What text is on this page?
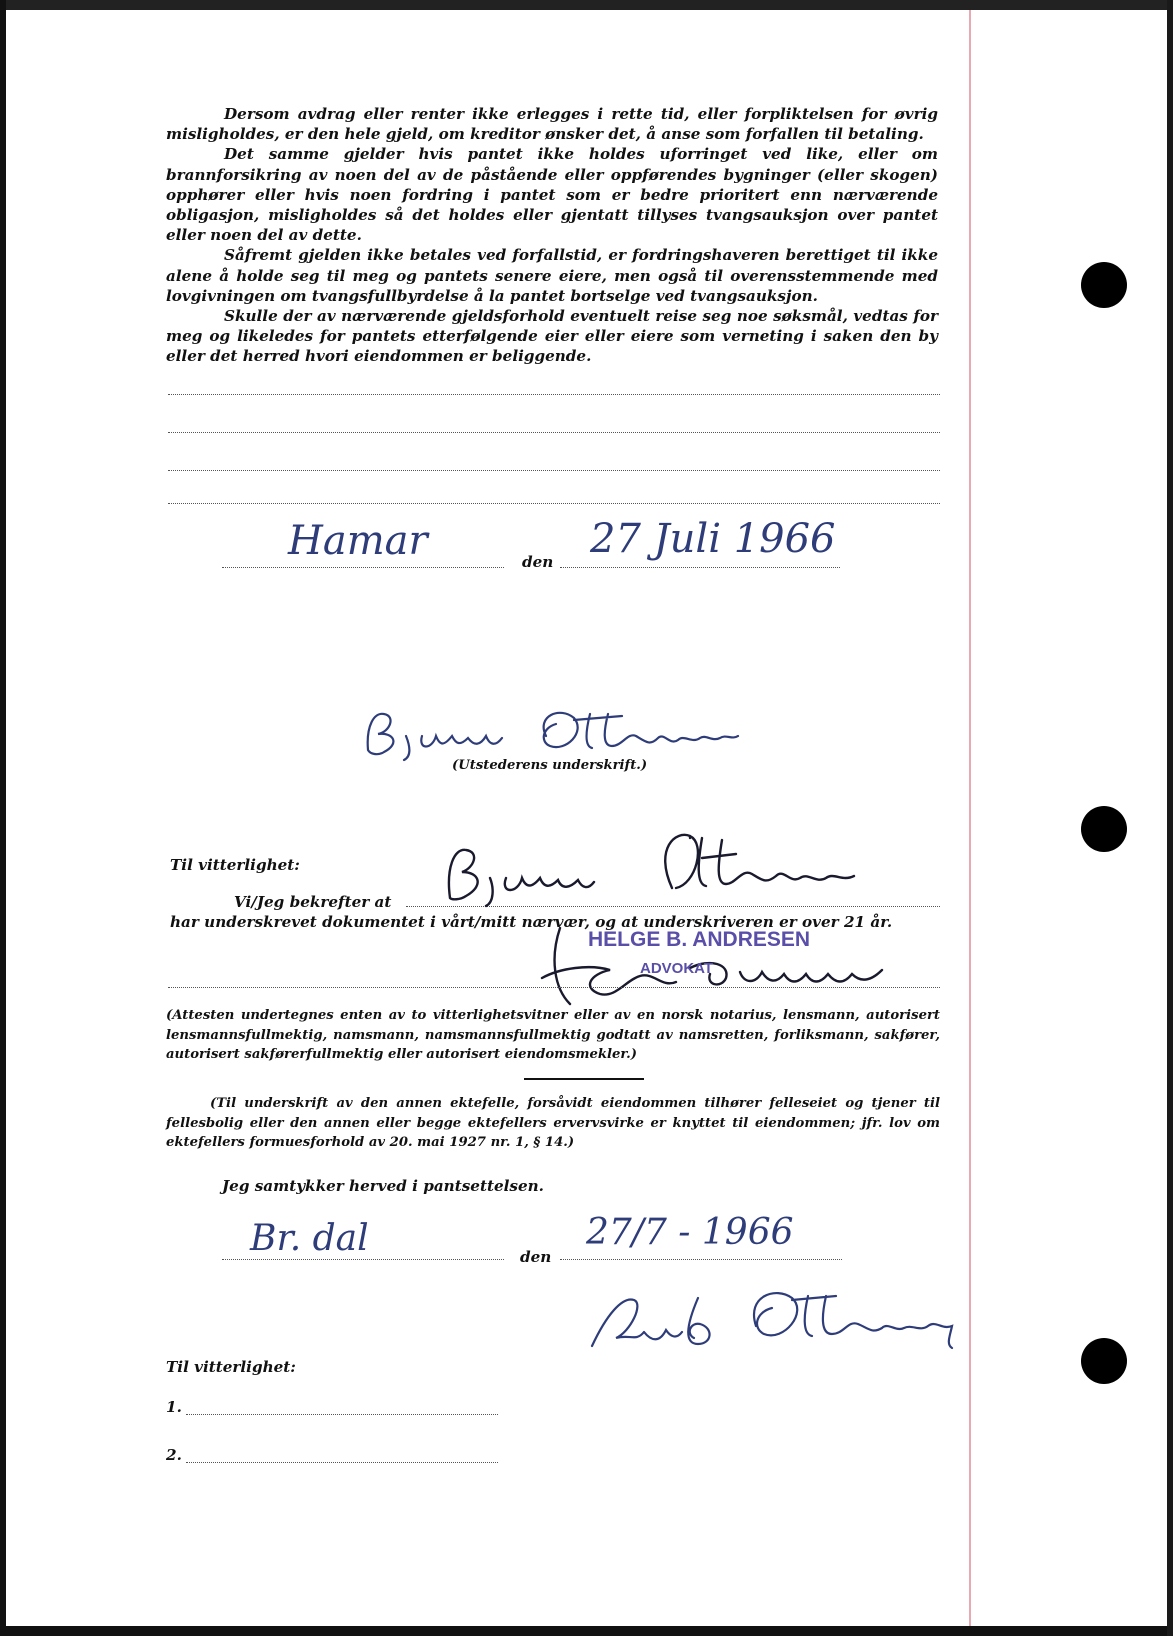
Dersom avdrag eller renter ikke erlegges i rette tid, eller forpliktelsen for øvrig misligholdes, er den hele gjeld, om kreditor ønsker det, å anse som forfallen til betaling.

Det samme gjelder hvis pantet ikke holdes uforringet ved like, eller om brannforsikring av noen del av de påstående eller oppførendes bygninger (eller skogen) opphører eller hvis noen fordring i pantet som er bedre prioritert enn nærværende obligasjon, misligholdes så det holdes eller gjentatt tillyses tvangsauksjon over pantet eller noen del av dette.

Såfremt gjelden ikke betales ved forfallstid, er fordringshaveren berettiget til ikke alene å holde seg til meg og pantets senere eiere, men også til overensstemmende med lovgivningen om tvangsfullbyrdelse å la pantet bortselge ved tvangsauksjon.

Skulle der av nærværende gjeldsforhold eventuelt reise seg noe søksmål, vedtas for meg og likeledes for pantets etterfølgende eier eller eiere som verneting i saken den by eller det herred hvori eiendommen er beliggende.

Hamar	den 27 Juli 1966
(Utstederens underskrift.)
Til vitterlighet:
Vi/Jeg bekrefter at
har underskrevet dokumentet i vårt/mitt nærvær, og at underskriveren er over 21 år.
HELGE B. ANDRESEN
ADVOKAT

(Attesten undertegnes enten av to vitterlighetsvitner eller av en norsk notarius, lensmann, autorisert lensmannsfullmektig, namsmann, namsmannsfullmektig godtatt av namsretten, forliksmann, sakfører, autorisert sakførerfullmektig eller autorisert eiendomsmekler.)

(Til underskrift av den annen ektefelle, forsåvidt eiendommen tilhører felleseiet og tjener til fellesbolig eller den annen eller begge ektefellers ervervsvirke er knyttet til eiendommen; jfr. lov om ektefellers formuesforhold av 20. mai 1927 nr. 1, § 14.)

Jeg samtykker herved i pantsettelsen.
Br. dal	den
27/7 - 1966
Til vitterlighet:
1.
2.
